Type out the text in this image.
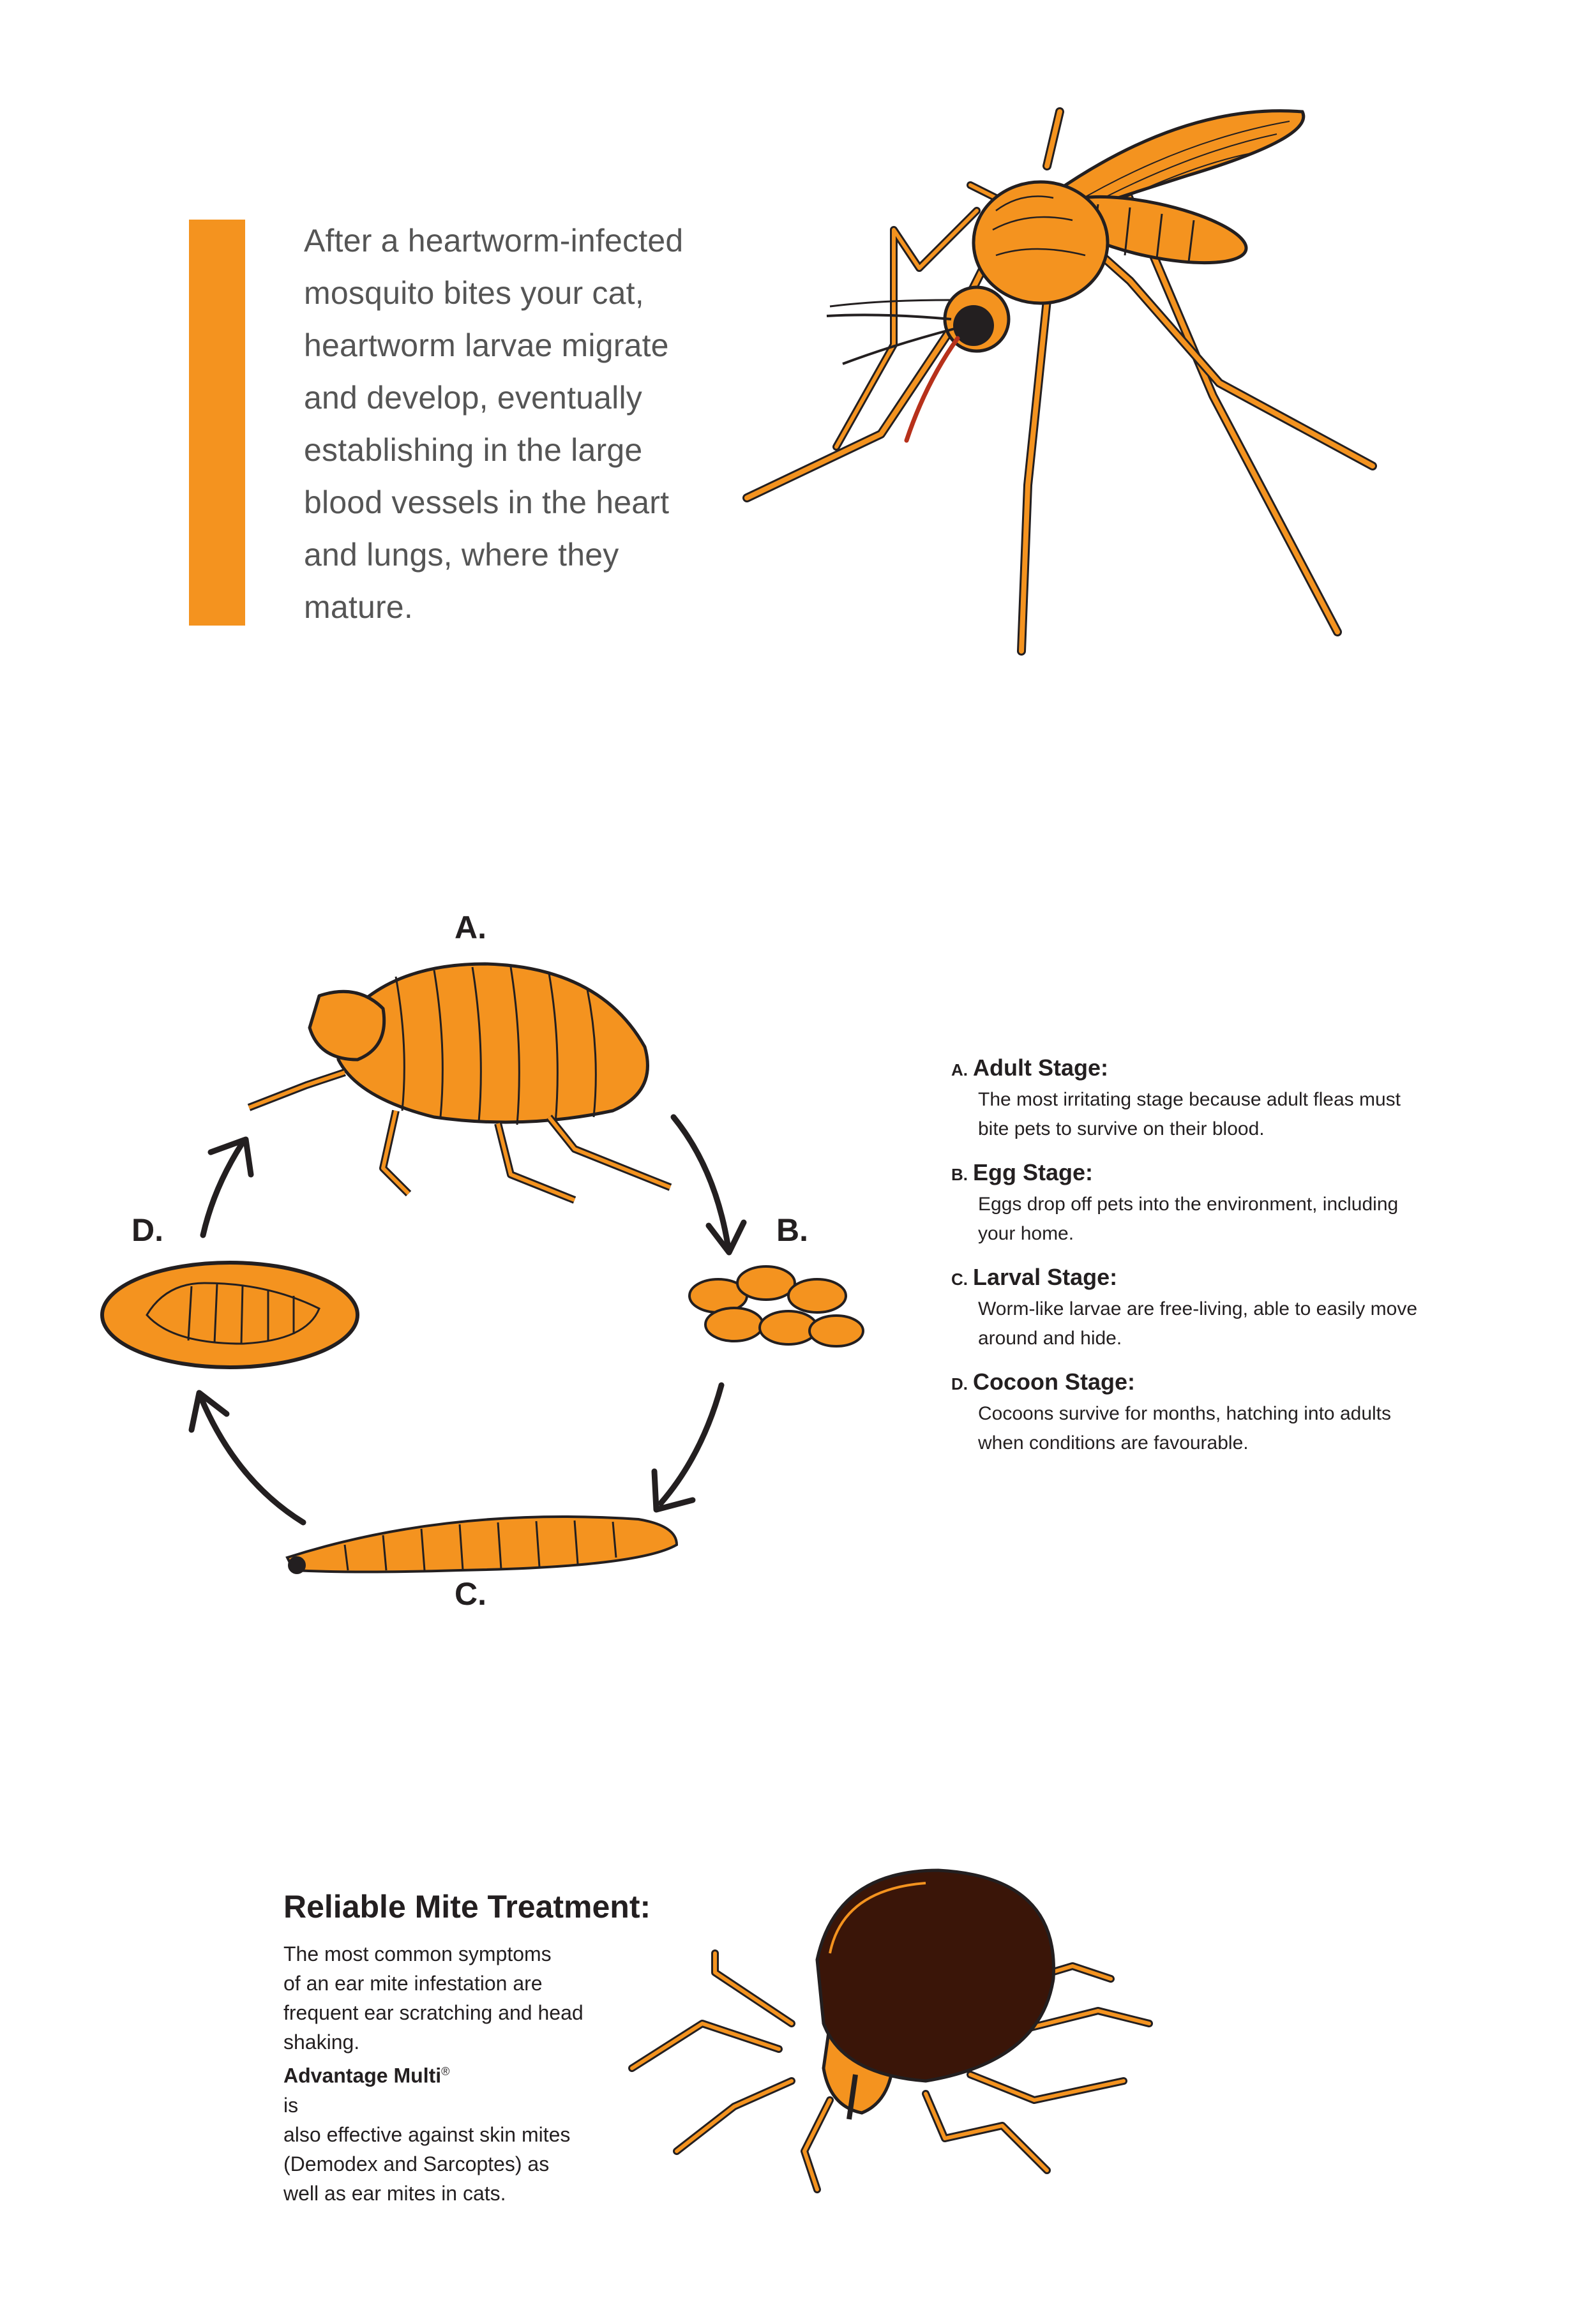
After a heartworm-infected
mosquito bites your cat,
heartworm larvae migrate
and develop, eventually
establishing in the large
blood vessels in the heart
and lungs, where they
mature.
A.
B.
C.
D.
A. Adult Stage:
The most irritating stage because adult fleas must
bite pets to survive on their blood.
B. Egg Stage:
Eggs drop off pets into the environment, including
your home.
C. Larval Stage:
Worm-like larvae are free-living, able to easily move
around and hide.
D. Cocoon Stage:
Cocoons survive for months, hatching into adults
when conditions are favourable.
Reliable Mite Treatment:
The most common symptoms
of an ear mite infestation are
frequent ear scratching and head
shaking.
Advantage Multi®
is
also effective against skin mites
(Demodex and Sarcoptes) as
well as ear mites in cats.
